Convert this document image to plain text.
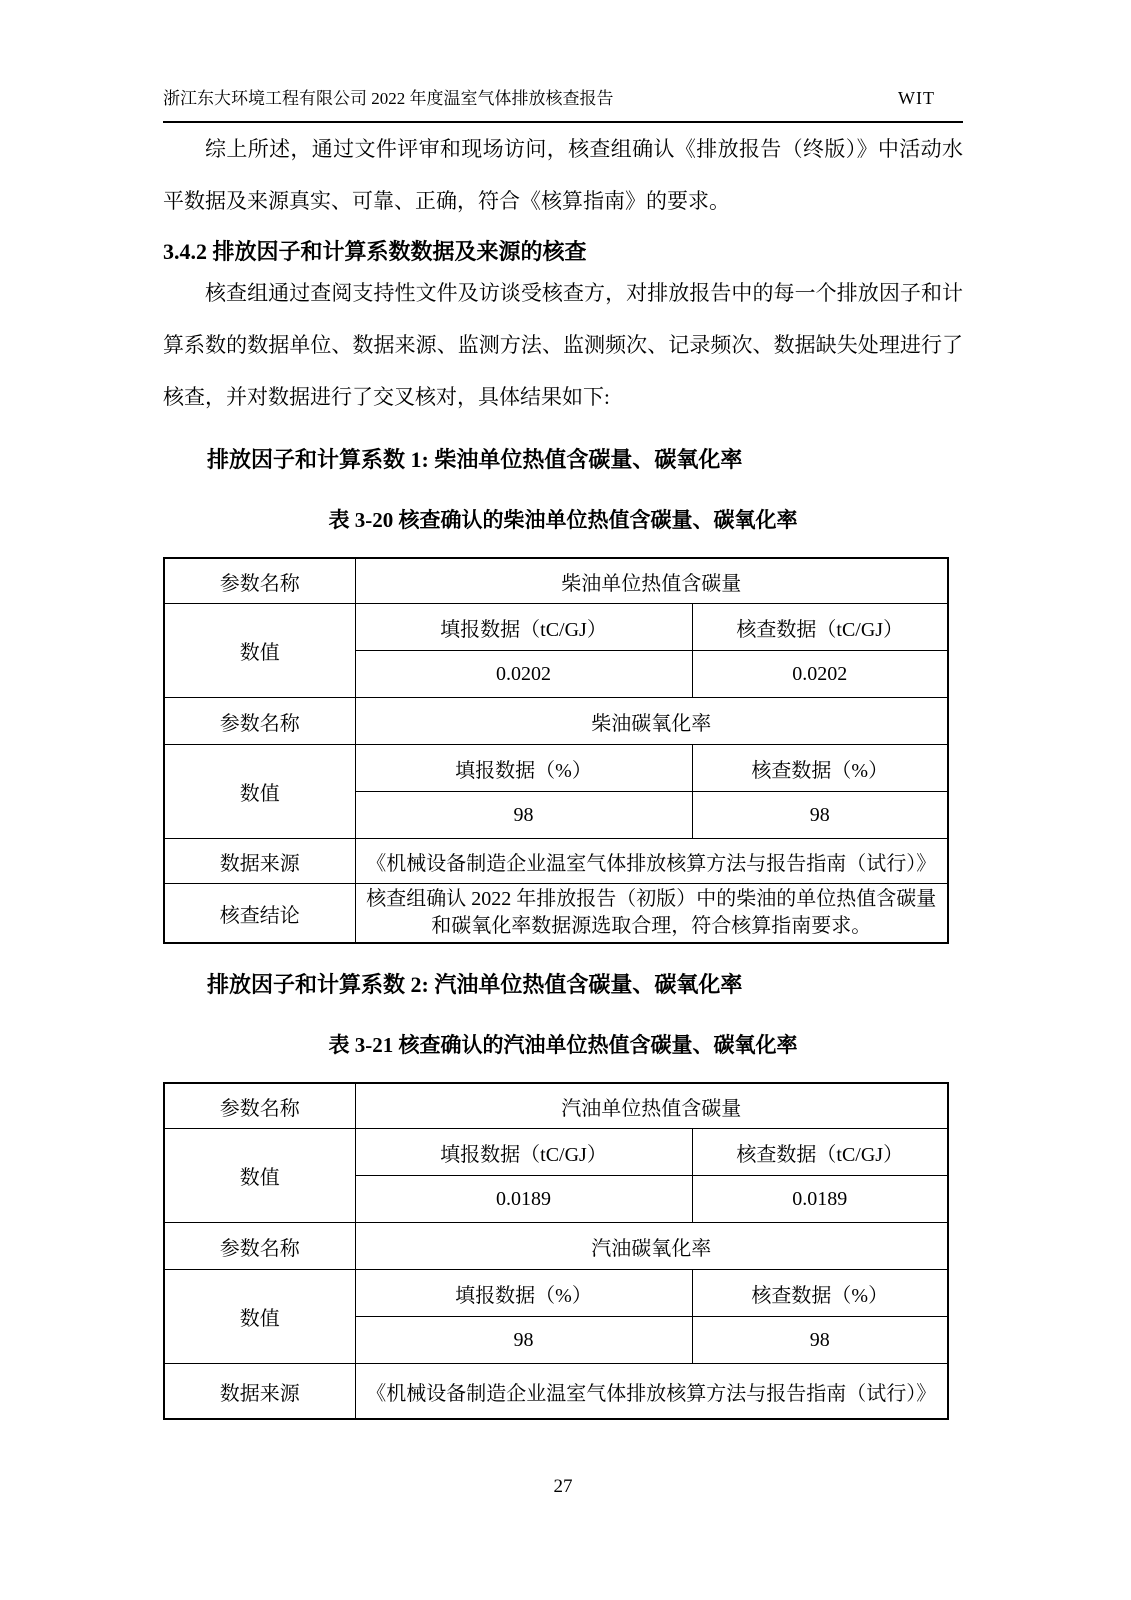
浙江东大环境工程有限公司 2022 年度温室气体排放核查报告	WIT

综上所述，通过文件评审和现场访问，核查组确认《排放报告（终版）》中活动水平数据及来源真实、可靠、正确，符合《核算指南》的要求。

3.4.2 排放因子和计算系数数据及来源的核查

核查组通过查阅支持性文件及访谈受核查方，对排放报告中的每一个排放因子和计算系数的数据单位、数据来源、监测方法、监测频次、记录频次、数据缺失处理进行了核查，并对数据进行了交叉核对，具体结果如下:

排放因子和计算系数 1: 柴油单位热值含碳量、碳氧化率
表 3-20 核查确认的柴油单位热值含碳量、碳氧化率
参数名称	柴油单位热值含碳量	
数值	填报数据（tC/GJ）	核查数据（tC/GJ）
	0.0202	0.0202
参数名称	柴油碳氧化率	
数值	填报数据（%）	核查数据（%）
	98	98
数据来源	《机械设备制造企业温室气体排放核算方法与报告指南（试行）》	
核查结论	核查组确认 2022 年排放报告（初版）中的柴油的单位热值含碳量和碳氧化率数据源选取合理，符合核算指南要求。	
排放因子和计算系数 2: 汽油单位热值含碳量、碳氧化率
表 3-21 核查确认的汽油单位热值含碳量、碳氧化率
参数名称	汽油单位热值含碳量	
数值	填报数据（tC/GJ）	核查数据（tC/GJ）
	0.0189	0.0189
参数名称	汽油碳氧化率	
数值	填报数据（%）	核查数据（%）
	98	98
数据来源	《机械设备制造企业温室气体排放核算方法与报告指南（试行）》	
27
